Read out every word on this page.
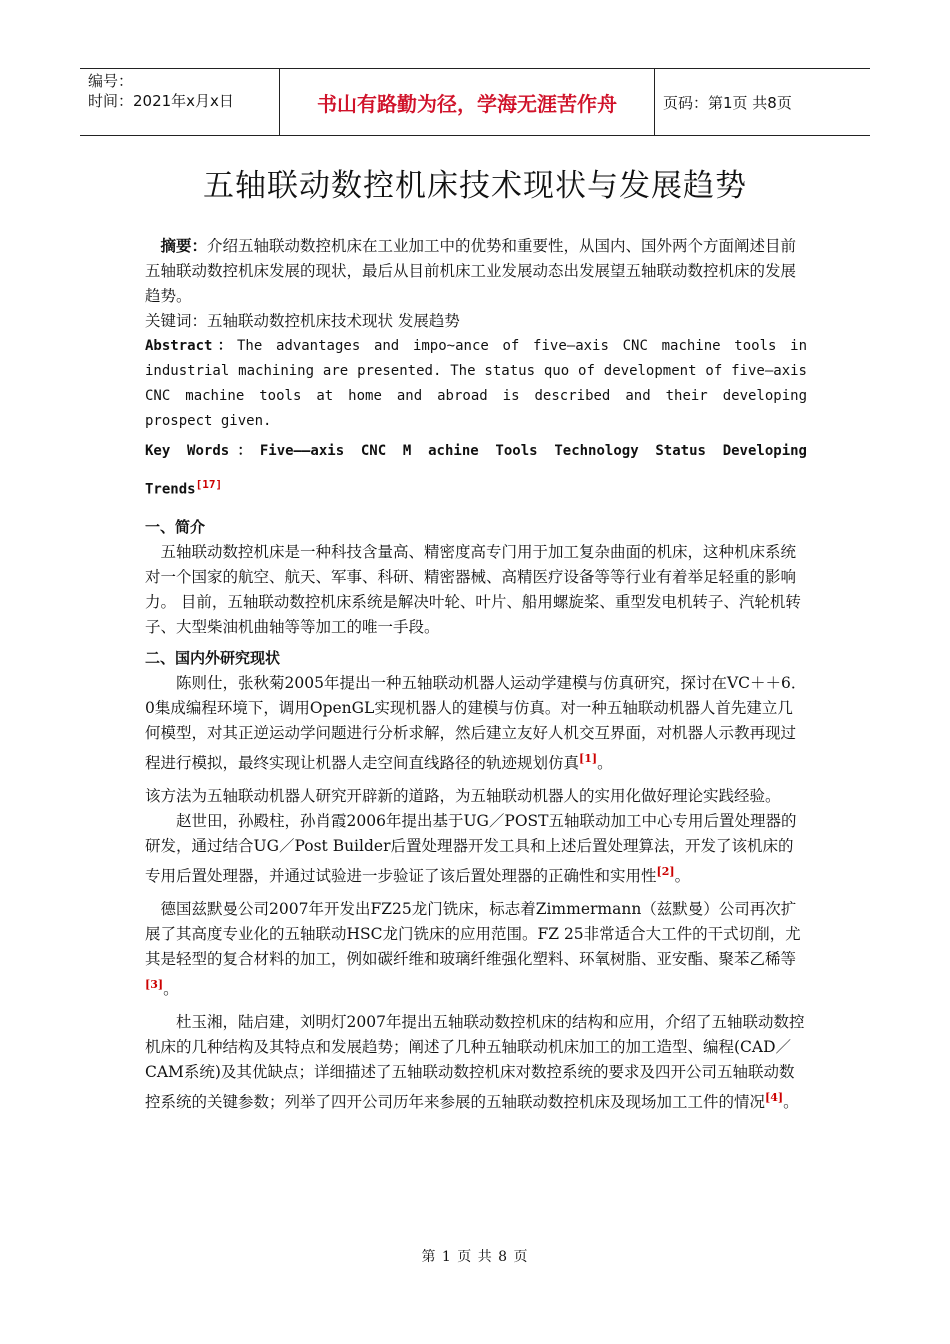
编号：
时间：2021年x月x日	书山有路勤为径，学海无涯苦作舟	页码：第1页 共8页
五轴联动数控机床技术现状与发展趋势

摘要：介绍五轴联动数控机床在工业加工中的优势和重要性，从国内、国外两个方面阐述目前五轴联动数控机床发展的现状，最后从目前机床工业发展动态出发展望五轴联动数控机床的发展趋势。

关键词：五轴联动数控机床技术现状 发展趋势

Abstract：The advantages and impo~ance of five—axis CNC machine tools in industrial machining are presented. The status quo of development of five—axis CNC machine tools at home and abroad is described and their developing prospect given.

Key Words：Five——axis CNC M achine Tools Technology Status Developing Trends[17]

一、简介

五轴联动数控机床是一种科技含量高、精密度高专门用于加工复杂曲面的机床，这种机床系统对一个国家的航空、航天、军事、科研、精密器械、高精医疗设备等等行业有着举足轻重的影响力。 目前，五轴联动数控机床系统是解决叶轮、叶片、船用螺旋桨、重型发电机转子、汽轮机转子、大型柴油机曲轴等等加工的唯一手段。

二、国内外研究现状

陈则仕，张秋菊2005年提出一种五轴联动机器人运动学建模与仿真研究，探讨在VC＋＋6．0集成编程环境下，调用OpenGL实现机器人的建模与仿真。对一种五轴联动机器人首先建立几何模型，对其正逆运动学问题进行分析求解，然后建立友好人机交互界面，对机器人示教再现过程进行模拟，最终实现让机器人走空间直线路径的轨迹规划仿真[1]。

该方法为五轴联动机器人研究开辟新的道路，为五轴联动机器人的实用化做好理论实践经验。

赵世田，孙殿柱，孙肖霞2006年提出基于UG／POST五轴联动加工中心专用后置处理器的研发，通过结合UG／Post Builder后置处理器开发工具和上述后置处理算法，开发了该机床的专用后置处理器，并通过试验进一步验证了该后置处理器的正确性和实用性[2]。

德国兹默曼公司2007年开发出FZ25龙门铣床，标志着Zimmermann（兹默曼）公司再次扩展了其高度专业化的五轴联动HSC龙门铣床的应用范围。FZ 25非常适合大工件的干式切削，尤其是轻型的复合材料的加工，例如碳纤维和玻璃纤维强化塑料、环氧树脂、亚安酯、聚苯乙稀等[3]。

杜玉湘，陆启建，刘明灯2007年提出五轴联动数控机床的结构和应用，介绍了五轴联动数控机床的几种结构及其特点和发展趋势；阐述了几种五轴联动机床加工的加工造型、编程(CAD／CAM系统)及其优缺点；详细描述了五轴联动数控机床对数控系统的要求及四开公司五轴联动数控系统的关键参数；列举了四开公司历年来参展的五轴联动数控机床及现场加工工件的情况[4]。

第 1 页 共 8 页
